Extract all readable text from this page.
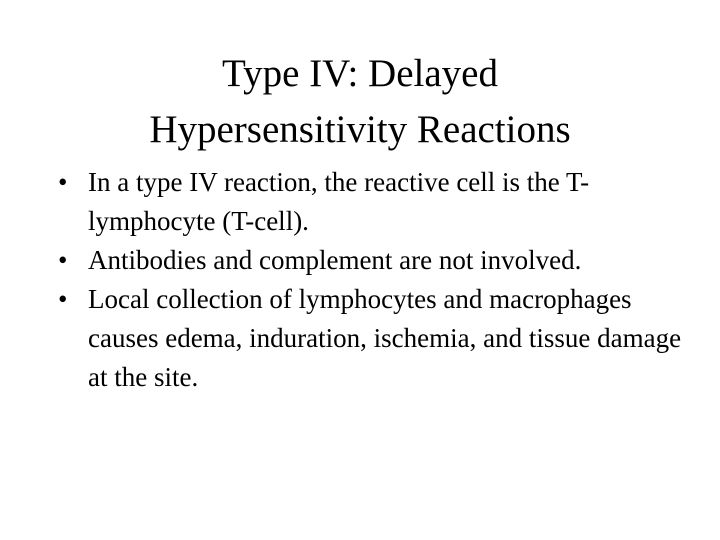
Type IV: Delayed
Hypersensitivity Reactions
• In a type IV reaction, the reactive cell is the T-lymphocyte (T-cell).
• Antibodies and complement are not involved.
• Local collection of lymphocytes and macrophages causes edema, induration, ischemia, and tissue damage at the site.
